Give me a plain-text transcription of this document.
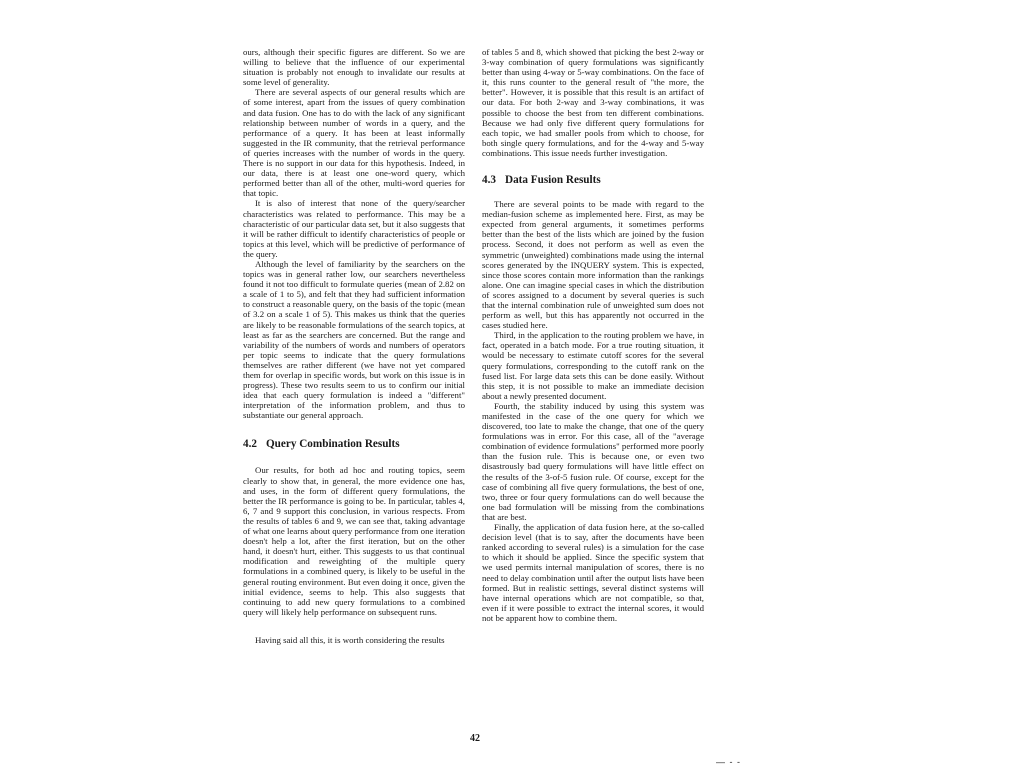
ours, although their specific figures are different. So we are willing to believe that the influence of our experimental situation is probably not enough to invalidate our results at some level of generality.

There are several aspects of our general results which are of some interest, apart from the issues of query combination and data fusion. One has to do with the lack of any significant relationship between number of words in a query, and the performance of a query. It has been at least informally suggested in the IR community, that the retrieval performance of queries increases with the number of words in the query. There is no support in our data for this hypothesis. Indeed, in our data, there is at least one one-word query, which performed better than all of the other, multi-word queries for that topic.

It is also of interest that none of the query/searcher characteristics was related to performance. This may be a characteristic of our particular data set, but it also suggests that it will be rather difficult to identify characteristics of people or topics at this level, which will be predictive of performance of the query.

Although the level of familiarity by the searchers on the topics was in general rather low, our searchers nevertheless found it not too difficult to formulate queries (mean of 2.82 on a scale of 1 to 5), and felt that they had sufficient information to construct a reasonable query, on the basis of the topic (mean of 3.2 on a scale 1 of 5). This makes us think that the queries are likely to be reasonable formulations of the search topics, at least as far as the searchers are concerned. But the range and variability of the numbers of words and numbers of operators per topic seems to indicate that the query formulations themselves are rather different (we have not yet compared them for overlap in specific words, but work on this issue is in progress). These two results seem to us to confirm our initial idea that each query formulation is indeed a "different" interpretation of the information problem, and thus to substantiate our general approach.

4.2 Query Combination Results

Our results, for both ad hoc and routing topics, seem clearly to show that, in general, the more evidence one has, and uses, in the form of different query formulations, the better the IR performance is going to be. In particular, tables 4, 6, 7 and 9 support this conclusion, in various respects. From the results of tables 6 and 9, we can see that, taking advantage of what one learns about query performance from one iteration doesn't help a lot, after the first iteration, but on the other hand, it doesn't hurt, either. This suggests to us that continual modification and reweighting of the multiple query formulations in a combined query, is likely to be useful in the general routing environment. But even doing it once, given the initial evidence, seems to help. This also suggests that continuing to add new query formulations to a combined query will likely help performance on subsequent runs.

Having said all this, it is worth considering the results

of tables 5 and 8, which showed that picking the best 2-way or 3-way combination of query formulations was significantly better than using 4-way or 5-way combinations. On the face of it, this runs counter to the general result of "the more, the better". However, it is possible that this result is an artifact of our data. For both 2-way and 3-way combinations, it was possible to choose the best from ten different combinations. Because we had only five different query formulations for each topic, we had smaller pools from which to choose, for both single query formulations, and for the 4-way and 5-way combinations. This issue needs further investigation.

4.3 Data Fusion Results

There are several points to be made with regard to the median-fusion scheme as implemented here. First, as may be expected from general arguments, it sometimes performs better than the best of the lists which are joined by the fusion process. Second, it does not perform as well as even the symmetric (unweighted) combinations made using the internal scores generated by the INQUERY system. This is expected, since those scores contain more information than the rankings alone. One can imagine special cases in which the distribution of scores assigned to a document by several queries is such that the internal combination rule of unweighted sum does not perform as well, but this has apparently not occurred in the cases studied here.

Third, in the application to the routing problem we have, in fact, operated in a batch mode. For a true routing situation, it would be necessary to estimate cutoff scores for the several query formulations, corresponding to the cutoff rank on the fused list. For large data sets this can be done easily. Without this step, it is not possible to make an immediate decision about a newly presented document.

Fourth, the stability induced by using this system was manifested in the case of the one query for which we discovered, too late to make the change, that one of the query formulations was in error. For this case, all of the "average combination of evidence formulations" performed more poorly than the fusion rule. This is because one, or even two disastrously bad query formulations will have little effect on the results of the 3-of-5 fusion rule. Of course, except for the case of combining all five query formulations, the best of one, two, three or four query formulations can do well because the one bad formulation will be missing from the combinations that are best.

Finally, the application of data fusion here, at the so-called decision level (that is to say, after the documents have been ranked according to several rules) is a simulation for the case to which it should be applied. Since the specific system that we used permits internal manipulation of scores, there is no need to delay combination until after the output lists have been formed. But in realistic settings, several distinct systems will have internal operations which are not compatible, so that, even if it were possible to extract the internal scores, it would not be apparent how to combine them.

42
— - -
